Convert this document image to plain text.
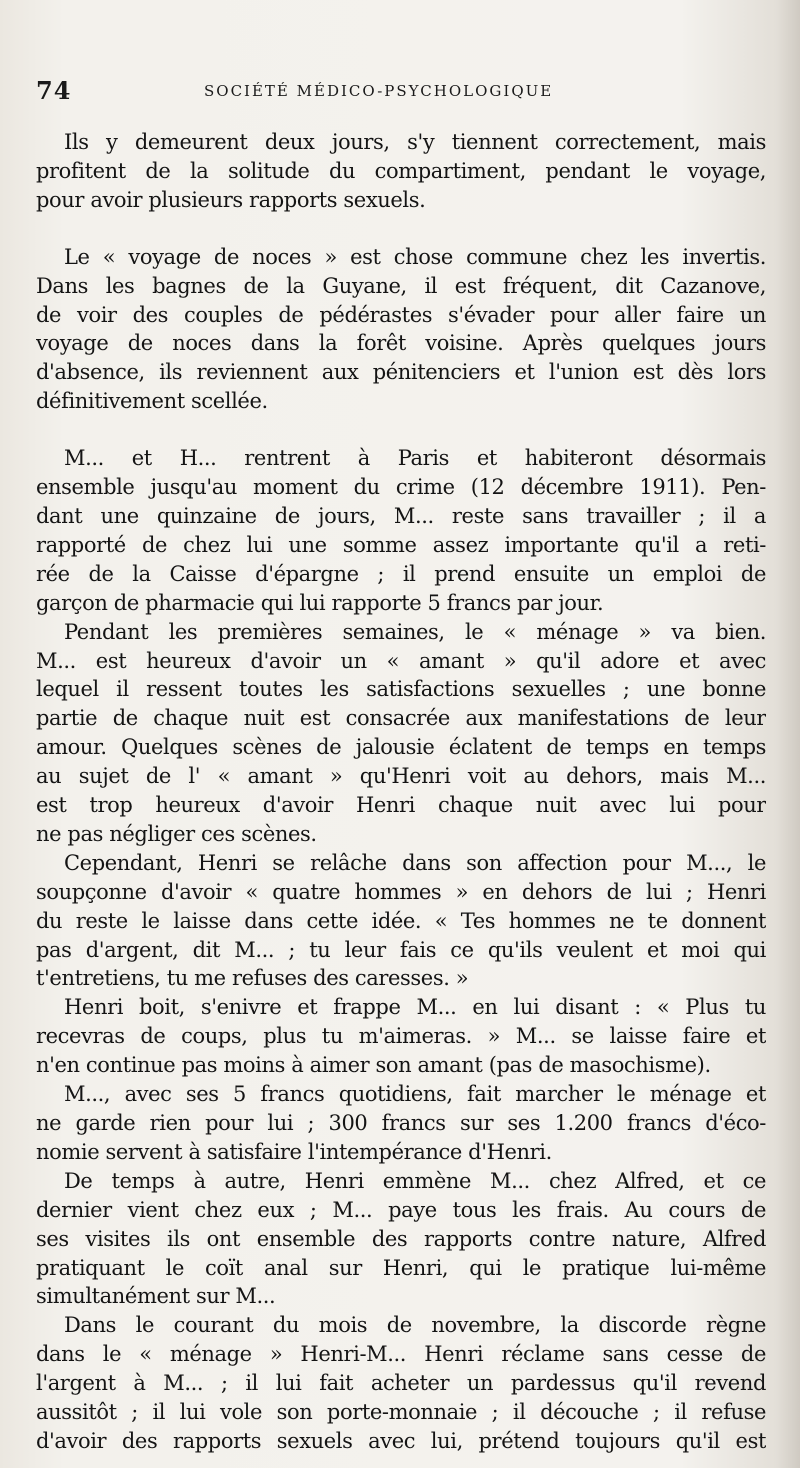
74	SOCIÉTÉ MÉDICO-PSYCHOLOGIQUE

Ils y demeurent deux jours, s'y tiennent correctement, mais
profitent de la solitude du compartiment, pendant le voyage,
pour avoir plusieurs rapports sexuels.

Le « voyage de noces » est chose commune chez les invertis.
Dans les bagnes de la Guyane, il est fréquent, dit Cazanove,
de voir des couples de pédérastes s'évader pour aller faire un
voyage de noces dans la forêt voisine. Après quelques jours
d'absence, ils reviennent aux pénitenciers et l'union est dès lors
définitivement scellée.

M... et H... rentrent à Paris et habiteront désormais
ensemble jusqu'au moment du crime (12 décembre 1911). Pen-
dant une quinzaine de jours, M... reste sans travailler ; il a
rapporté de chez lui une somme assez importante qu'il a reti-
rée de la Caisse d'épargne ; il prend ensuite un emploi de
garçon de pharmacie qui lui rapporte 5 francs par jour.

Pendant les premières semaines, le « ménage » va bien.
M... est heureux d'avoir un « amant » qu'il adore et avec
lequel il ressent toutes les satisfactions sexuelles ; une bonne
partie de chaque nuit est consacrée aux manifestations de leur
amour. Quelques scènes de jalousie éclatent de temps en temps
au sujet de l' « amant » qu'Henri voit au dehors, mais M...
est trop heureux d'avoir Henri chaque nuit avec lui pour
ne pas négliger ces scènes.

Cependant, Henri se relâche dans son affection pour M..., le
soupçonne d'avoir « quatre hommes » en dehors de lui ; Henri
du reste le laisse dans cette idée. « Tes hommes ne te donnent
pas d'argent, dit M... ; tu leur fais ce qu'ils veulent et moi qui
t'entretiens, tu me refuses des caresses. »

Henri boit, s'enivre et frappe M... en lui disant : « Plus tu
recevras de coups, plus tu m'aimeras. » M... se laisse faire et
n'en continue pas moins à aimer son amant (pas de masochisme).

M..., avec ses 5 francs quotidiens, fait marcher le ménage et
ne garde rien pour lui ; 300 francs sur ses 1.200 francs d'éco-
nomie servent à satisfaire l'intempérance d'Henri.

De temps à autre, Henri emmène M... chez Alfred, et ce
dernier vient chez eux ; M... paye tous les frais. Au cours de
ses visites ils ont ensemble des rapports contre nature, Alfred
pratiquant le coït anal sur Henri, qui le pratique lui-même
simultanément sur M...

Dans le courant du mois de novembre, la discorde règne
dans le « ménage » Henri-M... Henri réclame sans cesse de
l'argent à M... ; il lui fait acheter un pardessus qu'il revend
aussitôt ; il lui vole son porte-monnaie ; il découche ; il refuse
d'avoir des rapports sexuels avec lui, prétend toujours qu'il est
